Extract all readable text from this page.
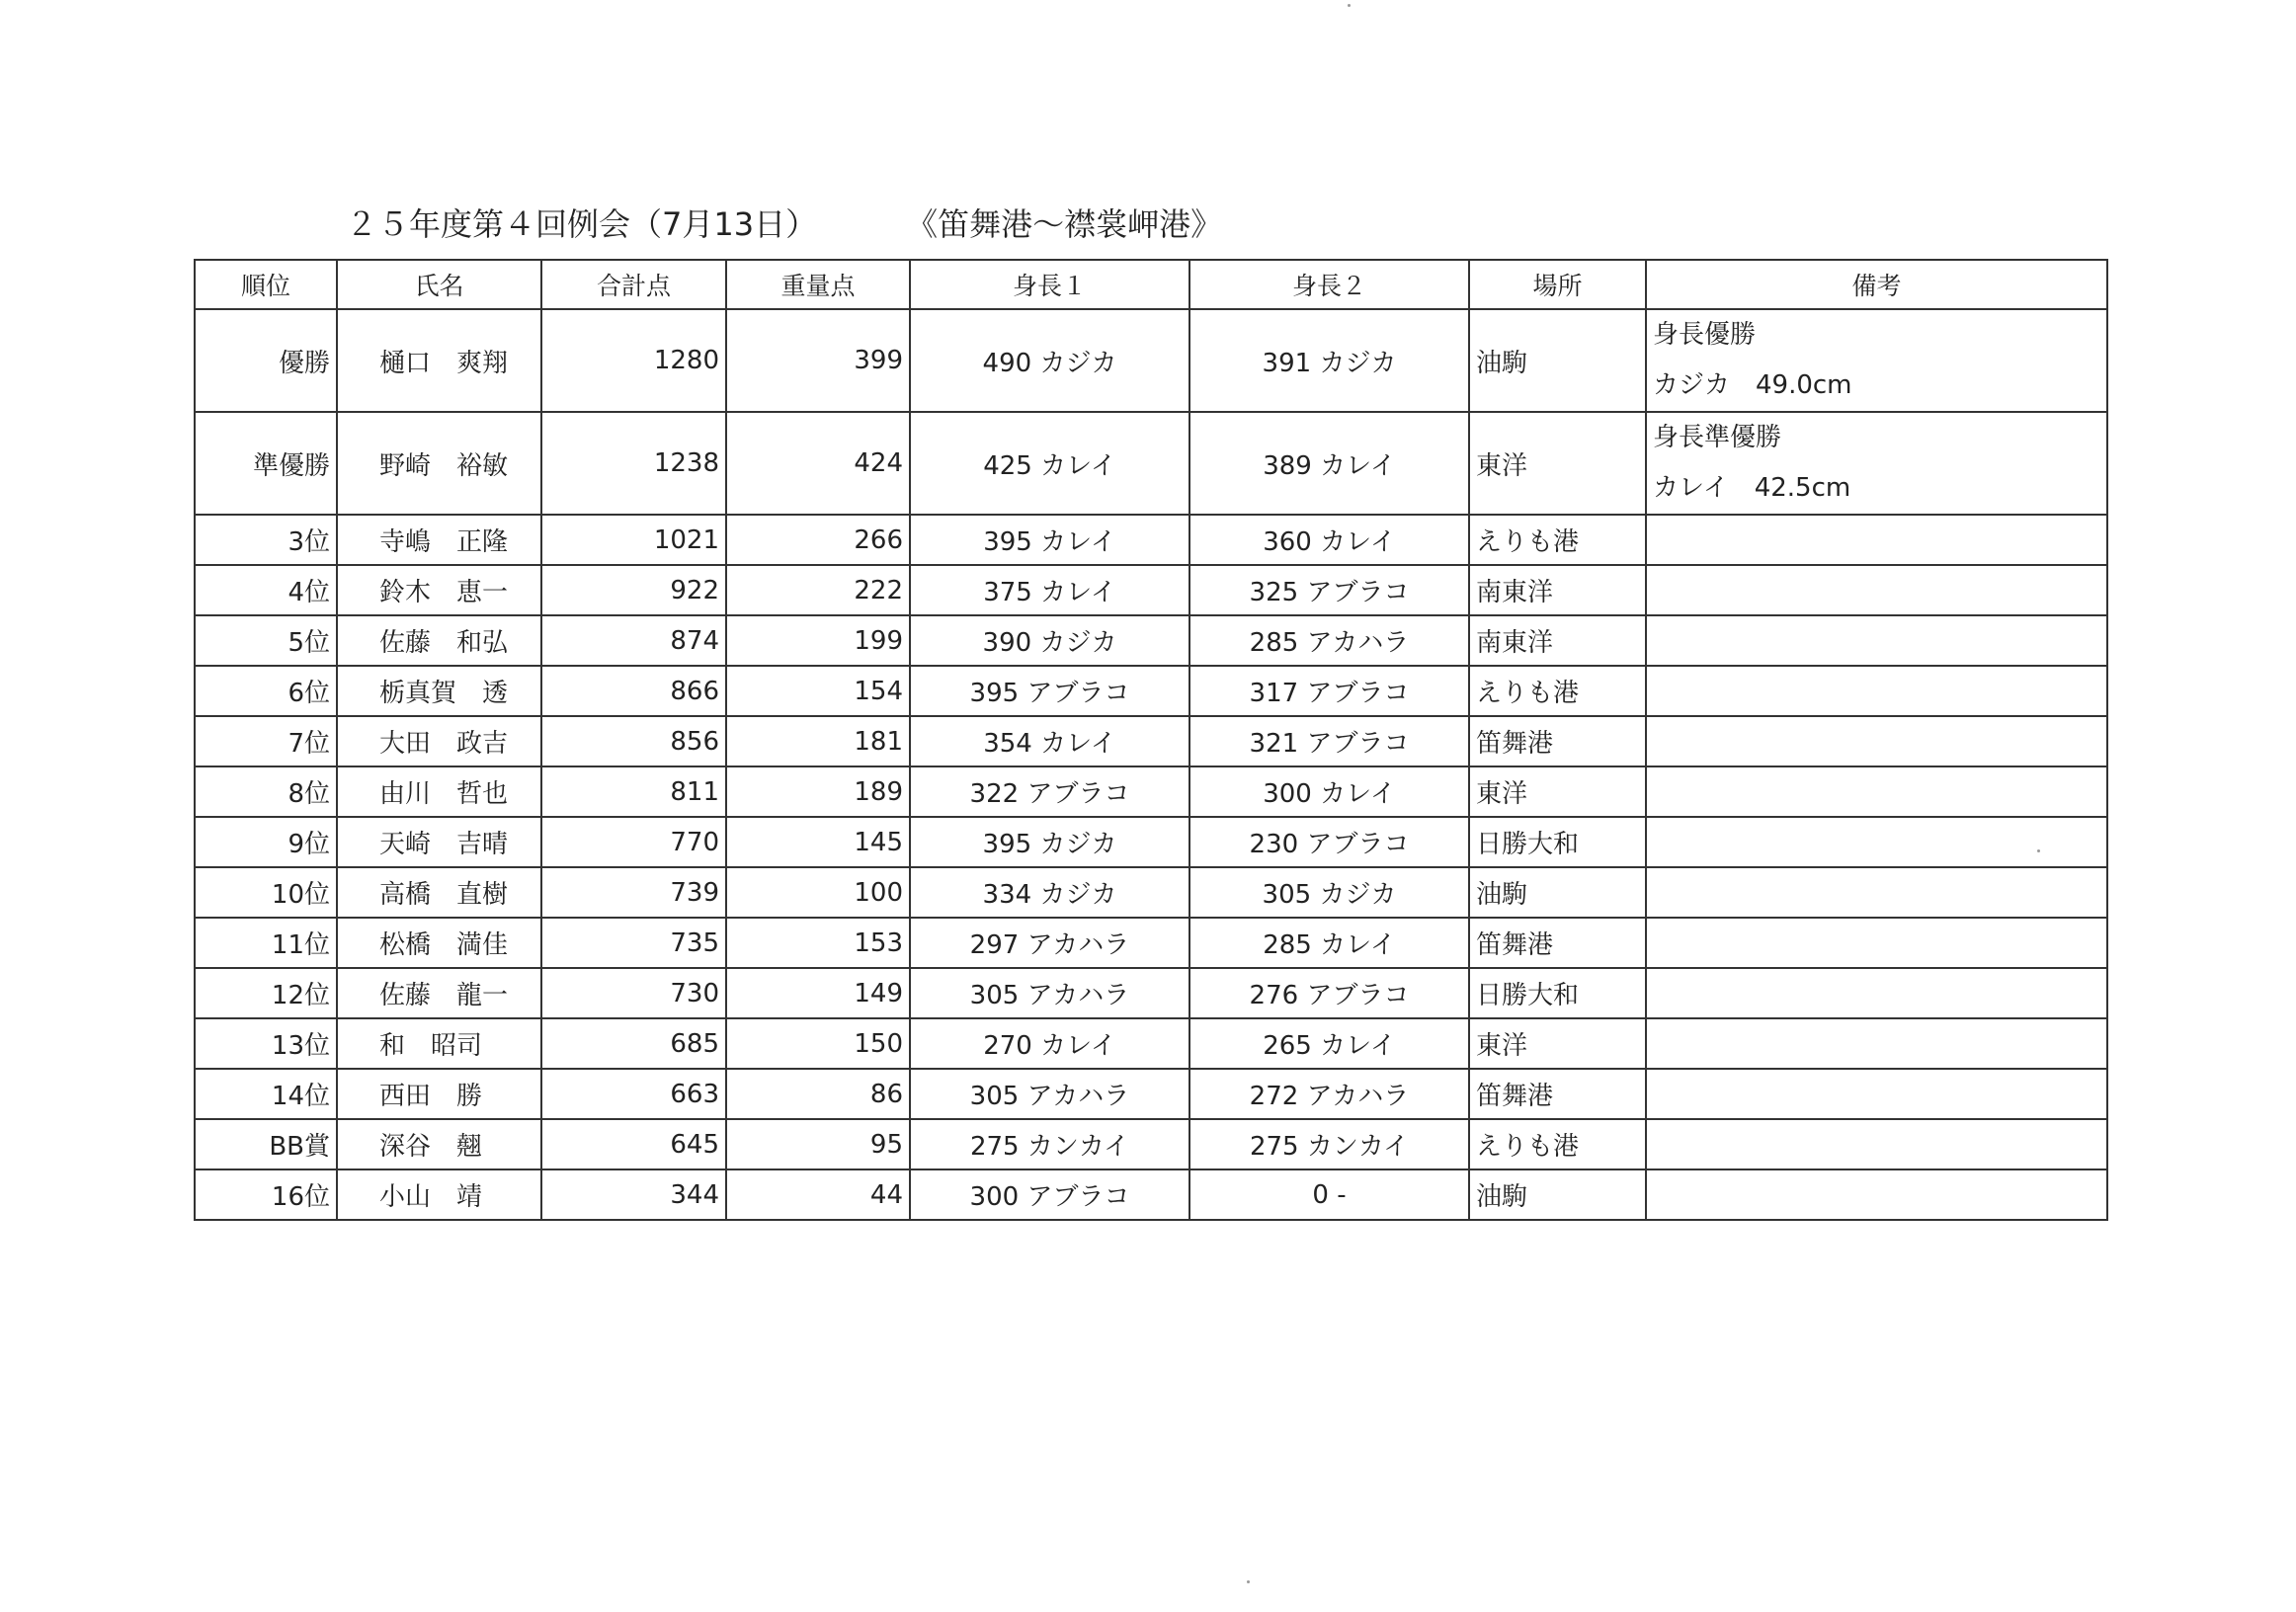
２５年度第４回例会（7月13日）	《笛舞港～襟裳岬港》
順位	氏名	合計点	重量点	身長１	身長２	場所	備考
優勝	樋口　爽翔	1280	399	490 カジカ	391 カジカ	油駒	身長優勝
カジカ　49.0cm

準優勝	野崎　裕敏	1238	424	425 カレイ	389 カレイ	東洋	身長準優勝
カレイ　42.5cm

3位	寺嶋　正隆	1021	266	395 カレイ	360 カレイ	えりも港	
4位	鈴木　恵一	922	222	375 カレイ	325 アブラコ	南東洋	
5位	佐藤　和弘	874	199	390 カジカ	285 アカハラ	南東洋	
6位	栃真賀　透	866	154	395 アブラコ	317 アブラコ	えりも港	
7位	大田　政吉	856	181	354 カレイ	321 アブラコ	笛舞港	
8位	由川　哲也	811	189	322 アブラコ	300 カレイ	東洋	
9位	天崎　吉晴	770	145	395 カジカ	230 アブラコ	日勝大和	
10位	高橋　直樹	739	100	334 カジカ	305 カジカ	油駒	
11位	松橋　満佳	735	153	297 アカハラ	285 カレイ	笛舞港	
12位	佐藤　龍一	730	149	305 アカハラ	276 アブラコ	日勝大和	
13位	和　昭司	685	150	270 カレイ	265 カレイ	東洋	
14位	西田　勝	663	86	305 アカハラ	272 アカハラ	笛舞港	
BB賞	深谷　翹	645	95	275 カンカイ	275 カンカイ	えりも港	
16位	小山　靖	344	44	300 アブラコ	0 -	油駒	
